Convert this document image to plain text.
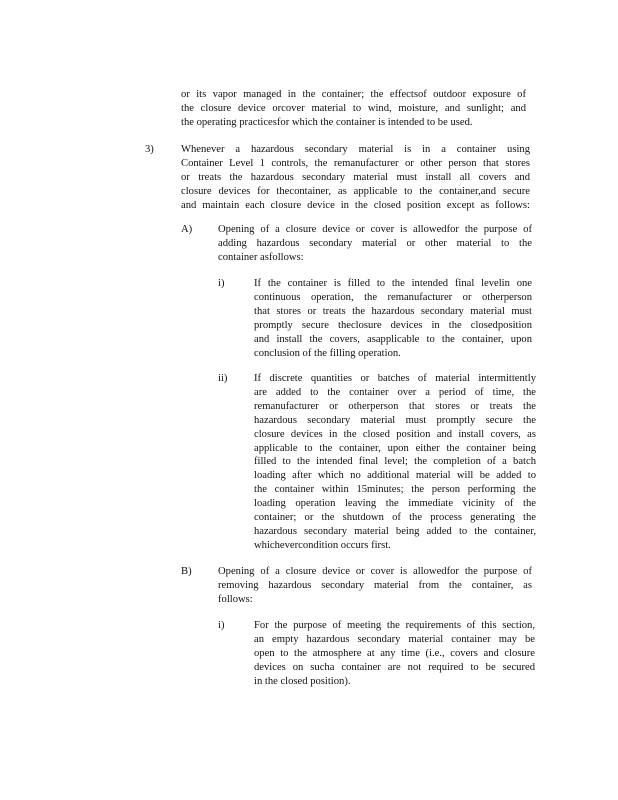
or its vapor managed in the container; the effectsof outdoor exposure of
the closure device orcover material to wind, moisture, and sunlight; and
the operating practicesfor which the container is intended to be used.
3)	Whenever a hazardous secondary material is in a container using
Container Level 1 controls, the remanufacturer or other person that stores
or treats the hazardous secondary material must install all covers and
closure devices for thecontainer, as applicable to the container,and secure
and maintain each closure device in the closed position except as follows:
A) Opening of a closure device or cover is allowedfor the purpose of
adding hazardous secondary material or other material to the
container asfollows:
i)	If the container is filled to the intended final levelin one
continuous operation, the remanufacturer or otherperson
that stores or treats the hazardous secondary material must
promptly secure theclosure devices in the closedposition
and install the covers, asapplicable to the container, upon
conclusion of the filling operation.
ii)	If discrete quantities or batches of material intermittently
are added to the container over a period of time, the
remanufacturer or otherperson that stores or treats the
hazardous secondary material must promptly secure the
closure devices in the closed position and install covers, as
applicable to the container, upon either the container being
filled to the intended final level; the completion of a batch
loading after which no additional material will be added to
the container within 15minutes; the person performing the
loading operation leaving the immediate vicinity of the
container; or the shutdown of the process generating the
hazardous secondary material being added to the container,
whichevercondition occurs first.
B) Opening of a closure device or cover is allowedfor the purpose of
removing hazardous secondary material from the container, as
follows:
i)	For the purpose of meeting the requirements of this section,
an empty hazardous secondary material container may be
open to the atmosphere at any time (i.e., covers and closure
devices on sucha container are not required to be secured
in the closed position).
